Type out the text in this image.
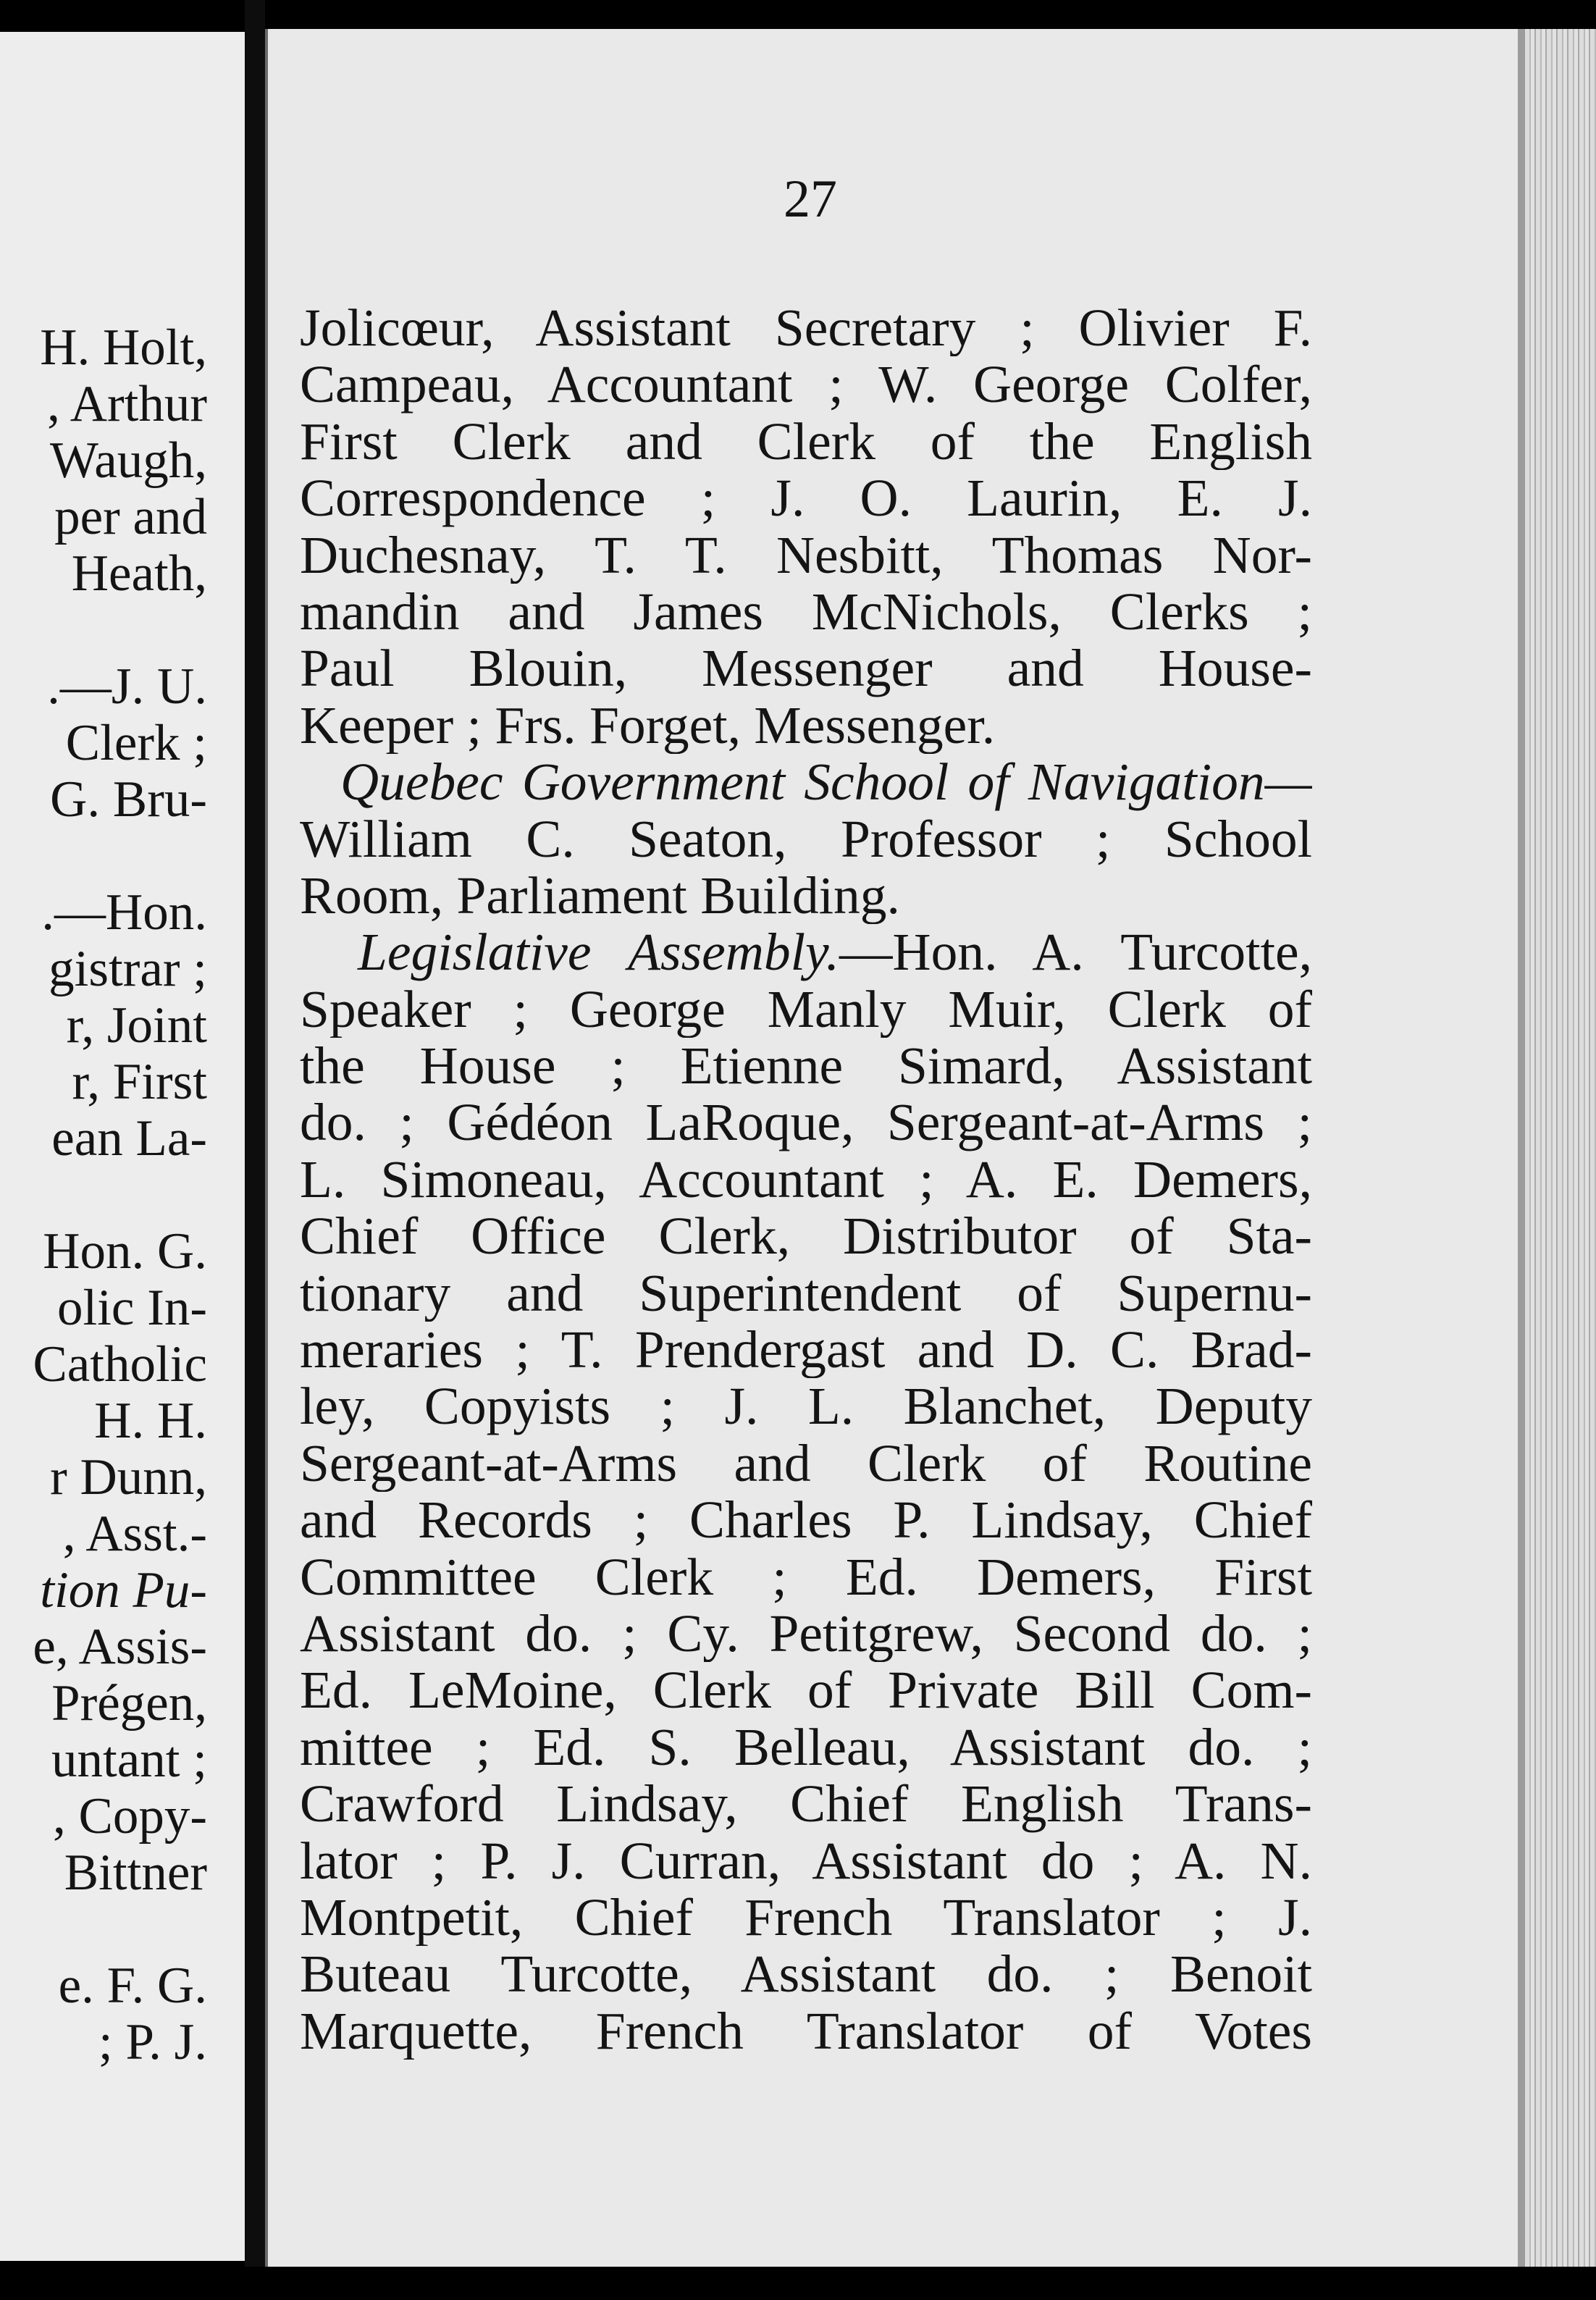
H. Holt,

, Arthur

Waugh,

per and

Heath,

.—J. U.

Clerk ;

G. Bru-

.—Hon.

gistrar ;

r, Joint

r, First

ean La-

Hon. G.

olic In-

Catholic

H. H.

r Dunn,

, Asst.-

tion Pu-

e, Assis-

Prégen,

untant ;

, Copy-

Bittner

e. F. G.

; P. J.

27

Jolicœur, Assistant Secretary ; Olivier F.
Campeau, Accountant ; W. George Colfer,
First Clerk and Clerk of the English
Correspondence ; J. O. Laurin, E. J.
Duchesnay, T. T. Nesbitt, Thomas Nor-
mandin and James McNichols, Clerks ;
Paul Blouin, Messenger and House-
Keeper ; Frs. Forget, Messenger.
Quebec Government School of Navigation—
William C. Seaton, Professor ; School
Room, Parliament Building.
Legislative Assembly.—Hon. A. Turcotte,
Speaker ; George Manly Muir, Clerk of
the House ; Etienne Simard, Assistant
do. ; Gédéon LaRoque, Sergeant-at-Arms ;
L. Simoneau, Accountant ; A. E. Demers,
Chief Office Clerk, Distributor of Sta-
tionary and Superintendent of Supernu-
meraries ; T. Prendergast and D. C. Brad-
ley, Copyists ; J. L. Blanchet, Deputy
Sergeant-at-Arms and Clerk of Routine
and Records ; Charles P. Lindsay, Chief
Committee Clerk ; Ed. Demers, First
Assistant do. ; Cy. Petitgrew, Second do. ;
Ed. LeMoine, Clerk of Private Bill Com-
mittee ; Ed. S. Belleau, Assistant do. ;
Crawford Lindsay, Chief English Trans-
lator ; P. J. Curran, Assistant do ; A. N.
Montpetit, Chief French Translator ; J.
Buteau Turcotte, Assistant do. ; Benoit
Marquette, French Translator of Votes
